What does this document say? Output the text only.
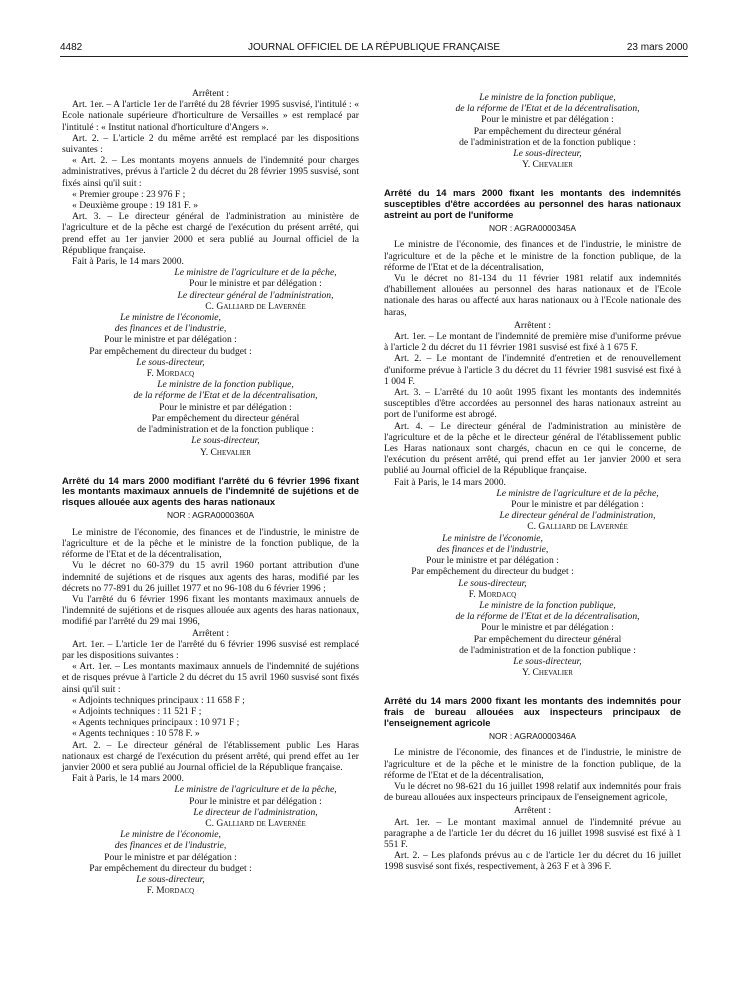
4482	JOURNAL OFFICIEL DE LA RÉPUBLIQUE FRANÇAISE	23 mars 2000

Arrêtent :

Art. 1er. – A l'article 1er de l'arrêté du 28 février 1995 susvisé, l'intitulé : « Ecole nationale supérieure d'horticulture de Versailles » est remplacé par l'intitulé : « Institut national d'horticulture d'Angers ».

Art. 2. – L'article 2 du même arrêté est remplacé par les dispositions suivantes :

« Art. 2. – Les montants moyens annuels de l'indemnité pour charges administratives, prévus à l'article 2 du décret du 28 février 1995 susvisé, sont fixés ainsi qu'il suit :

« Premier groupe : 23 976 F ;

« Deuxième groupe : 19 181 F. »

Art. 3. – Le directeur général de l'administration au ministère de l'agriculture et de la pêche est chargé de l'exécution du présent arrêté, qui prend effet au 1er janvier 2000 et sera publié au Journal officiel de la République française.

Fait à Paris, le 14 mars 2000.

Le ministre de l'agriculture et de la pêche,

Pour le ministre et par délégation :

Le directeur général de l'administration,

C. Galliard de Lavernée

Le ministre de l'économie,

des finances et de l'industrie,

Pour le ministre et par délégation :

Par empêchement du directeur du budget :

Le sous-directeur,

F. Mordacq

Le ministre de la fonction publique,

de la réforme de l'Etat et de la décentralisation,

Pour le ministre et par délégation :

Par empêchement du directeur général

de l'administration et de la fonction publique :

Le sous-directeur,

Y. Chevalier

Arrêté du 14 mars 2000 modifiant l'arrêté du 6 février 1996 fixant les montants maximaux annuels de l'indemnité de sujétions et de risques allouée aux agents des haras nationaux

NOR : AGRA0000360A

Le ministre de l'économie, des finances et de l'industrie, le ministre de l'agriculture et de la pêche et le ministre de la fonction publique, de la réforme de l'Etat et de la décentralisation,

Vu le décret no 60-379 du 15 avril 1960 portant attribution d'une indemnité de sujétions et de risques aux agents des haras, modifié par les décrets no 77-891 du 26 juillet 1977 et no 96-108 du 6 février 1996 ;

Vu l'arrêté du 6 février 1996 fixant les montants maximaux annuels de l'indemnité de sujétions et de risques allouée aux agents des haras nationaux, modifié par l'arrêté du 29 mai 1996,

Arrêtent :

Art. 1er. – L'article 1er de l'arrêté du 6 février 1996 susvisé est remplacé par les dispositions suivantes :

« Art. 1er. – Les montants maximaux annuels de l'indemnité de sujétions et de risques prévue à l'article 2 du décret du 15 avril 1960 susvisé sont fixés ainsi qu'il suit :

« Adjoints techniques principaux : 11 658 F ;

« Adjoints techniques : 11 521 F ;

« Agents techniques principaux : 10 971 F ;

« Agents techniques : 10 578 F. »

Art. 2. – Le directeur général de l'établissement public Les Haras nationaux est chargé de l'exécution du présent arrêté, qui prend effet au 1er janvier 2000 et sera publié au Journal officiel de la République française.

Fait à Paris, le 14 mars 2000.

Le ministre de l'agriculture et de la pêche,

Pour le ministre et par délégation :

Le directeur de l'administration,

C. Galliard de Lavernée

Le ministre de l'économie,

des finances et de l'industrie,

Pour le ministre et par délégation :

Par empêchement du directeur du budget :

Le sous-directeur,

F. Mordacq

Le ministre de la fonction publique,

de la réforme de l'Etat et de la décentralisation,

Pour le ministre et par délégation :

Par empêchement du directeur général

de l'administration et de la fonction publique :

Le sous-directeur,

Y. Chevalier

Arrêté du 14 mars 2000 fixant les montants des indemnités susceptibles d'être accordées au personnel des haras nationaux astreint au port de l'uniforme

NOR : AGRA0000345A

Le ministre de l'économie, des finances et de l'industrie, le ministre de l'agriculture et de la pêche et le ministre de la fonction publique, de la réforme de l'Etat et de la décentralisation,

Vu le décret no 81-134 du 11 février 1981 relatif aux indemnités d'habillement allouées au personnel des haras nationaux et de l'Ecole nationale des haras ou affecté aux haras nationaux ou à l'Ecole nationale des haras,

Arrêtent :

Art. 1er. – Le montant de l'indemnité de première mise d'uniforme prévue à l'article 2 du décret du 11 février 1981 susvisé est fixé à 1 675 F.

Art. 2. – Le montant de l'indemnité d'entretien et de renouvellement d'uniforme prévue à l'article 3 du décret du 11 février 1981 susvisé est fixé à 1 004 F.

Art. 3. – L'arrêté du 10 août 1995 fixant les montants des indemnités susceptibles d'être accordées au personnel des haras nationaux astreint au port de l'uniforme est abrogé.

Art. 4. – Le directeur général de l'administration au ministère de l'agriculture et de la pêche et le directeur général de l'établissement public Les Haras nationaux sont chargés, chacun en ce qui le concerne, de l'exécution du présent arrêté, qui prend effet au 1er janvier 2000 et sera publié au Journal officiel de la République française.

Fait à Paris, le 14 mars 2000.

Le ministre de l'agriculture et de la pêche,

Pour le ministre et par délégation :

Le directeur général de l'administration,

C. Galliard de Lavernée

Le ministre de l'économie,

des finances et de l'industrie,

Pour le ministre et par délégation :

Par empêchement du directeur du budget :

Le sous-directeur,

F. Mordacq

Le ministre de la fonction publique,

de la réforme de l'Etat et de la décentralisation,

Pour le ministre et par délégation :

Par empêchement du directeur général

de l'administration et de la fonction publique :

Le sous-directeur,

Y. Chevalier

Arrêté du 14 mars 2000 fixant les montants des indemnités pour frais de bureau allouées aux inspecteurs principaux de l'enseignement agricole

NOR : AGRA0000346A

Le ministre de l'économie, des finances et de l'industrie, le ministre de l'agriculture et de la pêche et le ministre de la fonction publique, de la réforme de l'Etat et de la décentralisation,

Vu le décret no 98-621 du 16 juillet 1998 relatif aux indemnités pour frais de bureau allouées aux inspecteurs principaux de l'enseignement agricole,

Arrêtent :

Art. 1er. – Le montant maximal annuel de l'indemnité prévue au paragraphe a de l'article 1er du décret du 16 juillet 1998 susvisé est fixé à 1 551 F.

Art. 2. – Les plafonds prévus au c de l'article 1er du décret du 16 juillet 1998 susvisé sont fixés, respectivement, à 263 F et à 396 F.
